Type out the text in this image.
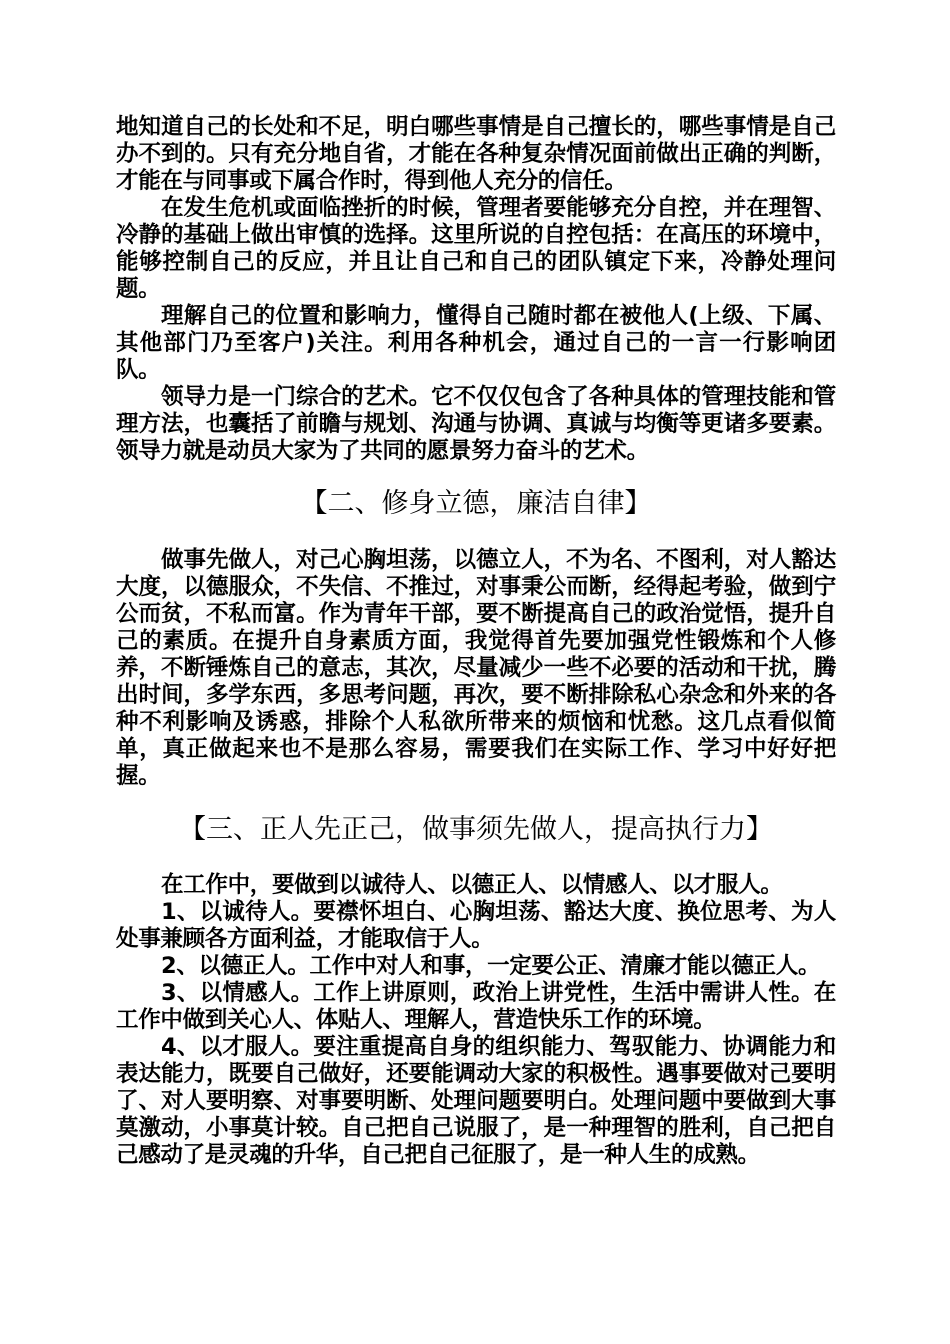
地知道自己的长处和不足，明白哪些事情是自己擅长的，哪些事情是自己办不到的。只有充分地自省，才能在各种复杂情况面前做出正确的判断，才能在与同事或下属合作时，得到他人充分的信任。

在发生危机或面临挫折的时候，管理者要能够充分自控，并在理智、冷静的基础上做出审慎的选择。这里所说的自控包括：在高压的环境中，能够控制自己的反应，并且让自己和自己的团队镇定下来，冷静处理问题。

理解自己的位置和影响力，懂得自己随时都在被他人(上级、下属、其他部门乃至客户)关注。利用各种机会，通过自己的一言一行影响团队。

领导力是一门综合的艺术。它不仅仅包含了各种具体的管理技能和管理方法，也囊括了前瞻与规划、沟通与协调、真诚与均衡等更诸多要素。领导力就是动员大家为了共同的愿景努力奋斗的艺术。

【二、修身立德，廉洁自律】

做事先做人，对己心胸坦荡，以德立人，不为名、不图利，对人豁达大度，以德服众，不失信、不推过，对事秉公而断，经得起考验，做到宁公而贫，不私而富。作为青年干部，要不断提高自己的政治觉悟，提升自己的素质。在提升自身素质方面，我觉得首先要加强党性锻炼和个人修养，不断锤炼自己的意志，其次，尽量减少一些不必要的活动和干扰，腾出时间，多学东西，多思考问题，再次，要不断排除私心杂念和外来的各种不利影响及诱惑，排除个人私欲所带来的烦恼和忧愁。这几点看似简单，真正做起来也不是那么容易，需要我们在实际工作、学习中好好把握。

【三、正人先正己，做事须先做人，提高执行力】

在工作中，要做到以诚待人、以德正人、以情感人、以才服人。

1、以诚待人。要襟怀坦白、心胸坦荡、豁达大度、换位思考、为人处事兼顾各方面利益，才能取信于人。

2、以德正人。工作中对人和事，一定要公正、清廉才能以德正人。

3、以情感人。工作上讲原则，政治上讲党性，生活中需讲人性。在工作中做到关心人、体贴人、理解人，营造快乐工作的环境。

4、以才服人。要注重提高自身的组织能力、驾驭能力、协调能力和表达能力，既要自己做好，还要能调动大家的积极性。遇事要做对己要明了、对人要明察、对事要明断、处理问题要明白。处理问题中要做到大事莫激动，小事莫计较。自己把自己说服了，是一种理智的胜利，自己把自己感动了是灵魂的升华，自己把自己征服了，是一种人生的成熟。
